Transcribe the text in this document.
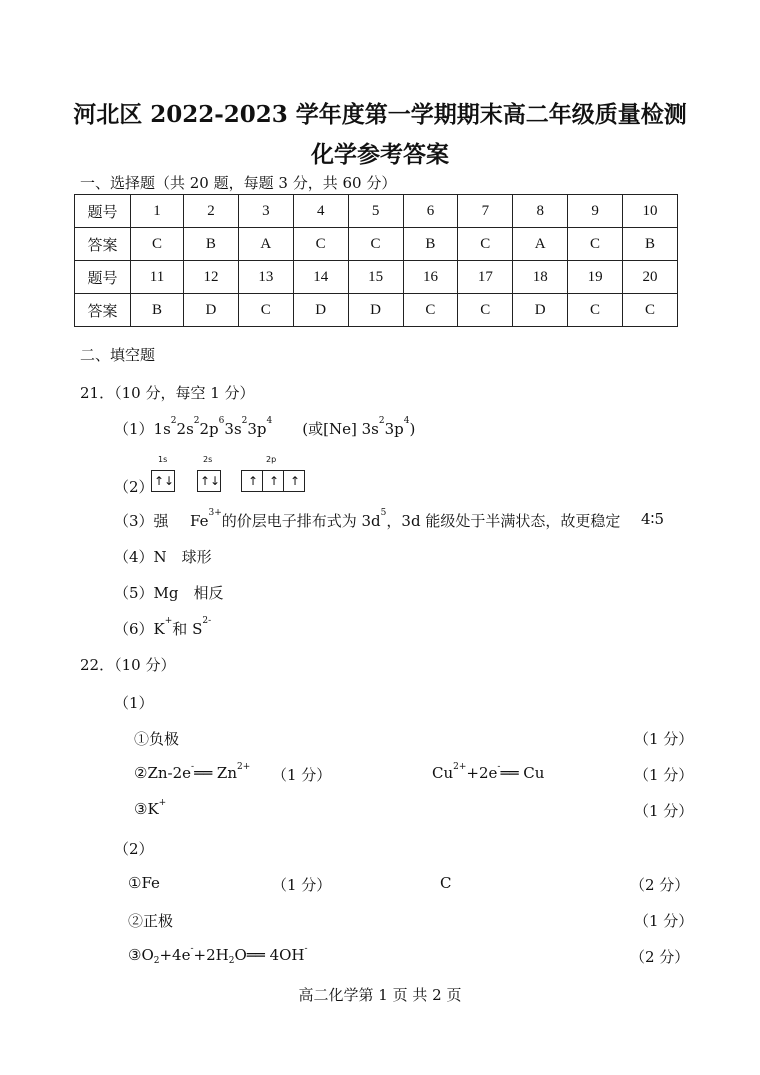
河北区 2022-2023 学年度第一学期期末高二年级质量检测
化学参考答案
一、选择题（共 20 题，每题 3 分，共 60 分）
题号	1	2	3	4	5	6	7	8	9	10
答案	C	B	A	C	C	B	C	A	C	B
题号	11	12	13	14	15	16	17	18	19	20
答案	B	D	C	D	D	C	C	D	C	C
二、填空题
21．（10 分，每空 1 分）
$(1)1s^22s^22p^63s^23p^4$　　(或[Ne] $3s^23p^4$)
（2）
1s	2s	2p
↑↓ ↑↓ ↑ ↑ ↑
（3）强 $Fe^{3+}$的价层电子排布式为 $3d^5$，3d 能级处于半满状态，故更稳定 4∶5
（4）N　球形
（5）Mg　相反
（6）K+和 $S^{2-}$
22．（10 分）
（1）
①负极	（1 分）
②Zn-2e-══ $Zn^{2+}$ （1 分）	$Cu^{2+}+2e^-══$ Cu	（1 分）
③K+	（1 分）
（2）
①Fe	（1 分）	C	（2 分）
②正极	（1 分）
$③O_2+4e^-+2H_2O══$ 4OH-	（2 分）
高二化学第 1 页 共 2 页
